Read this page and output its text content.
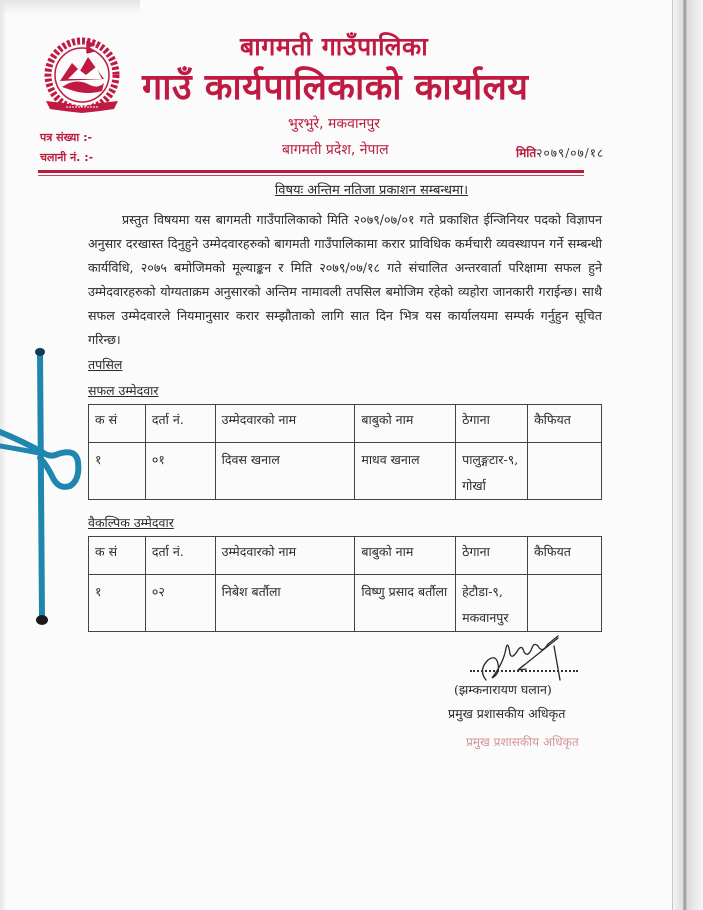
बागमती गाउँपालिका
गाउँ कार्यपालिकाको कार्यालय
भुरभुरे, मकवानपुर
बागमती प्रदेश, नेपाल
पत्र संख्या :-
चलानी नं. :-	मिति२०७९/०७/१८
विषयः अन्तिम नतिजा प्रकाशन सम्बन्धमा।
प्रस्तुत विषयमा यस बागमती गाउँपालिकाको मिति २०७९/०७/०१ गते प्रकाशित ईन्जिनियर पदको विज्ञापन अनुसार दरखास्त दिनुहुने उम्मेदवारहरुको बागमती गाउँपालिकामा करार प्राविधिक कर्मचारी व्यवस्थापन गर्ने सम्बन्धी कार्यविधि, २०७५ बमोजिमको मूल्याङ्कन र मिति २०७९/०७/१८ गते संचालित अन्तरवार्ता परिक्षामा सफल हुने उम्मेदवारहरुको योग्यताक्रम अनुसारको अन्तिम नामावली तपसिल बमोजिम रहेको व्यहोरा जानकारी गराईन्छ। साथै सफल उम्मेदवारले नियमानुसार करार सम्झौताको लागि सात दिन भित्र यस कार्यालयमा सम्पर्क गर्नुहुन सूचित गरिन्छ।
तपसिल
सफल उम्मेदवार
क सं	दर्ता नं.	उम्मेदवारको नाम	बाबुको नाम	ठेगाना	कैफियत
१	०१	दिवस खनाल	माधव खनाल	पालुङ्गटार-९, गोर्खा	
वैकल्पिक उम्मेदवार
क सं	दर्ता नं.	उम्मेदवारको नाम	बाबुको नाम	ठेगाना	कैफियत
१	०२	निबेश बर्तौला	विष्णु प्रसाद बर्तौला	हेटौडा-९, मकवानपुर	
(झम्कनारायण घलान)
प्रमुख प्रशासकीय अधिकृत
प्रमुख प्रशासकीय अधिकृत
